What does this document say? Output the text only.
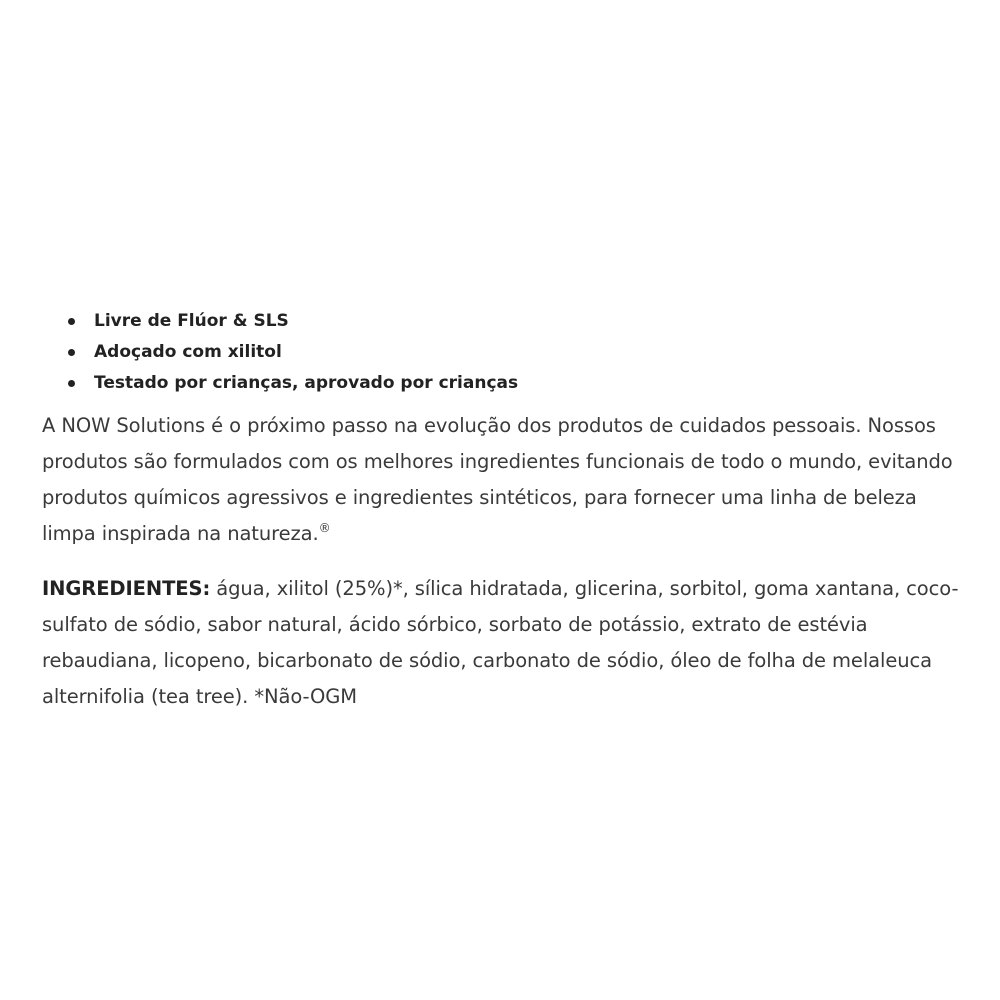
Livre de Flúor & SLS
Adoçado com xilitol
Testado por crianças, aprovado por crianças

A NOW Solutions é o próximo passo na evolução dos produtos de cuidados pessoais. Nossos produtos são formulados com os melhores ingredientes funcionais de todo o mundo, evitando produtos químicos agressivos e ingredientes sintéticos, para fornecer uma linha de beleza limpa inspirada na natureza.®

INGREDIENTES: água, xilitol (25%)*, sílica hidratada, glicerina, sorbitol, goma xantana, coco-sulfato de sódio, sabor natural, ácido sórbico, sorbato de potássio, extrato de estévia rebaudiana, licopeno, bicarbonato de sódio, carbonato de sódio, óleo de folha de melaleuca alternifolia (tea tree). *Não-OGM
